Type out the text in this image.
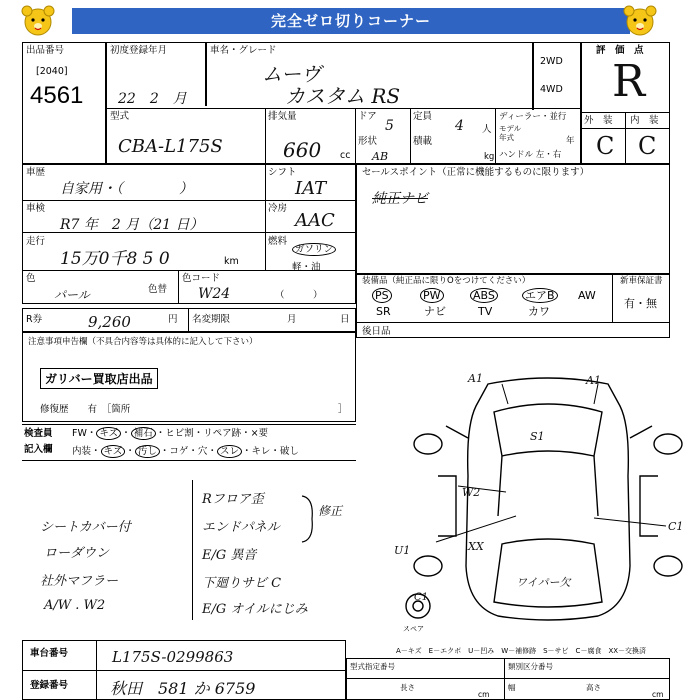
完全ゼロ切りコーナー
出品番号
[2040]
4561
初度登録年月
22　2　月
車名・グレード
ムーヴ
カスタム RS
2WD
4WD
評　価　点
R
外　装 内　装
C C
型式
CBA-L175S
排気量
660 cc
ドア
5
形状
AB
定員
4 人
積載
kg
ディーラー・並行
モデル
年式	年
ハンドル 左・右
車歴
自家用・（　　　　）
シフト
IAT
車検
R7 年　2 月（21 日）
冷房
AAC
走行
15万0千8 5 0	km
燃料
ガソリン
軽・油
色
パール	色替
色コード
W24	（　　　）
R券	9,260	円 名変期限	月	日
セールスポイント（正常に機能するものに限ります）
純正ナビ
装備品（純正品に限りOをつけてください）	新車保証書
有・無
PS	PW	ABS	エアB AW
SR	ナビ	TV	カワ
後日品
注意事項申告欄（不具合内容等は具体的に記入して下さい）
ガリバー買取店出品
修復歴　　有　［箇所	］
検査員
記入欄
FW・ キズ ・ 補石 ・ヒビ割・リペア跡・×要
内装・ キズ ・ 汚し ・コゲ・穴・ スレ ・キレ・破し
シートカバー付
ローダウン
社外マフラー
A/W . W2
Rフロア歪
エンドパネル
E/G 異音
下廻りサビ C
E/G オイルにじみ
修正
A1	A1
S1
W2
C1
U1	XX
ワイパー欠
C1
スペア
A－キズ　E－エクボ　U－凹み　W－補修跡　S－サビ　C－腐食　XX－交換済
車台番号	L175S-0299863
登録番号	秋田　581 か 6759
型式指定番号	類別区分番号
長さ
cm
幅	高さ
cm
